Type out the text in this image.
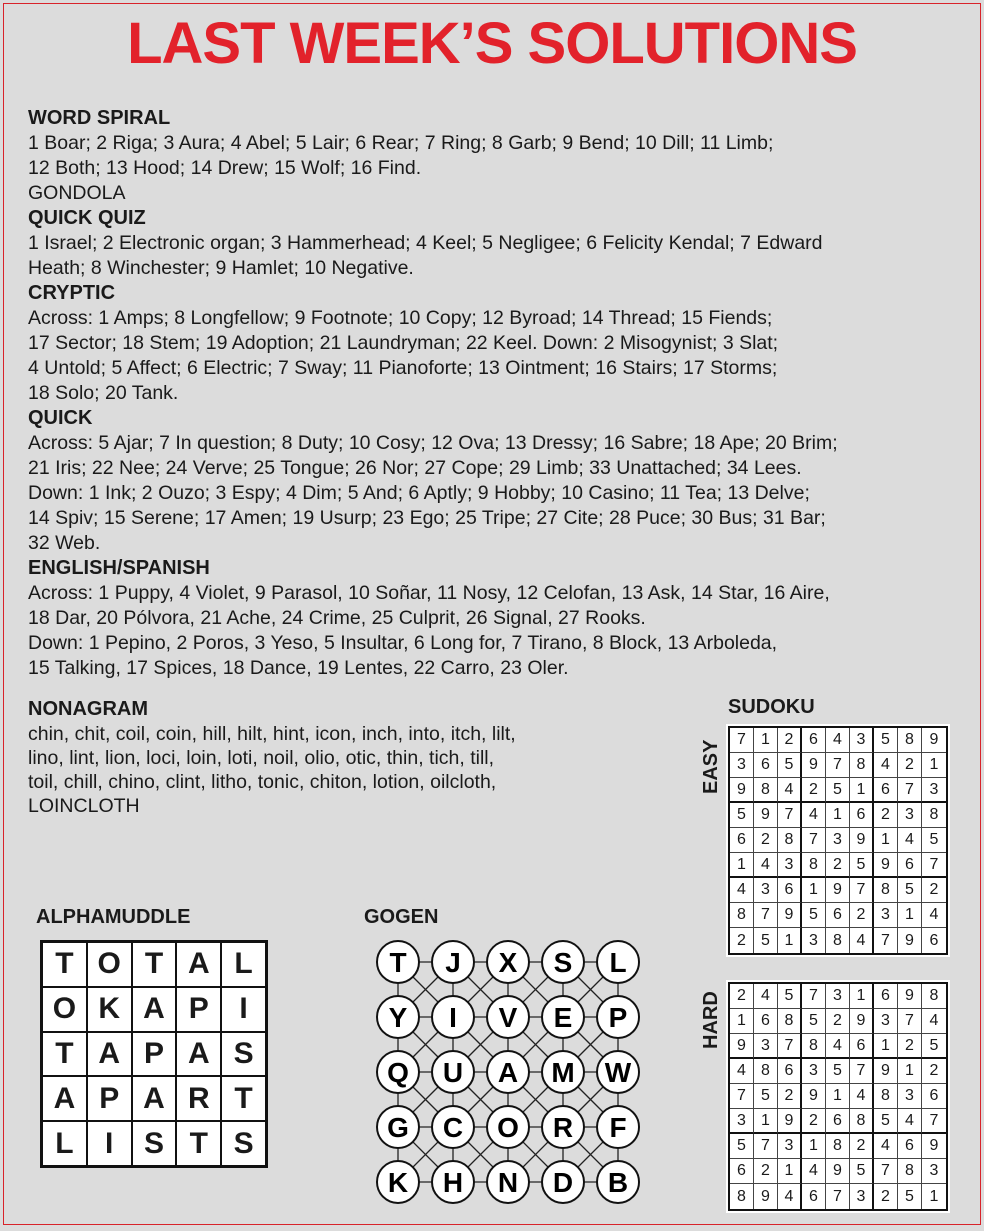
LAST WEEK’S SOLUTIONS
WORD SPIRAL
1 Boar; 2 Riga; 3 Aura; 4 Abel; 5 Lair; 6 Rear; 7 Ring; 8 Garb; 9 Bend; 10 Dill; 11 Limb;
12 Both; 13 Hood; 14 Drew; 15 Wolf; 16 Find.
GONDOLA
QUICK QUIZ
1 Israel; 2 Electronic organ; 3 Hammerhead; 4 Keel; 5 Negligee; 6 Felicity Kendal; 7 Edward
Heath; 8 Winchester; 9 Hamlet; 10 Negative.
CRYPTIC
Across: 1 Amps; 8 Longfellow; 9 Footnote; 10 Copy; 12 Byroad; 14 Thread; 15 Fiends;
17 Sector; 18 Stem; 19 Adoption; 21 Laundryman; 22 Keel. Down: 2 Misogynist; 3 Slat;
4 Untold; 5 Affect; 6 Electric; 7 Sway; 11 Pianoforte; 13 Ointment; 16 Stairs; 17 Storms;
18 Solo; 20 Tank.
QUICK
Across: 5 Ajar; 7 In question; 8 Duty; 10 Cosy; 12 Ova; 13 Dressy; 16 Sabre; 18 Ape; 20 Brim;
21 Iris; 22 Nee; 24 Verve; 25 Tongue; 26 Nor; 27 Cope; 29 Limb; 33 Unattached; 34 Lees.
Down: 1 Ink; 2 Ouzo; 3 Espy; 4 Dim; 5 And; 6 Aptly; 9 Hobby; 10 Casino; 11 Tea; 13 Delve;
14 Spiv; 15 Serene; 17 Amen; 19 Usurp; 23 Ego; 25 Tripe; 27 Cite; 28 Puce; 30 Bus; 31 Bar;
32 Web.
ENGLISH/SPANISH
Across: 1 Puppy, 4 Violet, 9 Parasol, 10 Soñar, 11 Nosy, 12 Celofan, 13 Ask, 14 Star, 16 Aire,
18 Dar, 20 Pólvora, 21 Ache, 24 Crime, 25 Culprit, 26 Signal, 27 Rooks.
Down: 1 Pepino, 2 Poros, 3 Yeso, 5 Insultar, 6 Long for, 7 Tirano, 8 Block, 13 Arboleda,
15 Talking, 17 Spices, 18 Dance, 19 Lentes, 22 Carro, 23 Oler.
NONAGRAM
chin, chit, coil, coin, hill, hilt, hint, icon, inch, into, itch, lilt,
lino, lint, lion, loci, loin, loti, noil, olio, otic, thin, tich, till,
toil, chill, chino, clint, litho, tonic, chiton, lotion, oilcloth,
LOINCLOTH
ALPHAMUDDLE
T O T A L
O K A P	I
T A P A S
A P A R T
L	I	S T S
GOGEN
T J X S L
Y I V E P
Q U A M W
G C O R F
K H N D B
SUDOKU
EASY
7 1 2 6 4 3 5 8 9
3 6 5 9 7 8 4 2 1
9 8 4 2 5 1 6 7 3
5 9 7 4 1 6 2 3 8
6 2 8 7 3 9 1 4 5
1 4 3 8 2 5 9 6 7
4 3 6 1 9 7 8 5 2
8 7 9 5 6 2 3 1 4
2 5 1 3 8 4 7 9 6
HARD 2 4 5 7 3 1 6 9 8
1 6 8 5 2 9 3 7 4
9 3 7 8 4 6 1 2 5
4 8 6 3 5 7 9 1 2
7 5 2 9 1 4 8 3 6
3 1 9 2 6 8 5 4 7
5 7 3 1 8 2 4 6 9
6 2 1 4 9 5 7 8 3
8 9 4 6 7 3 2 5 1
